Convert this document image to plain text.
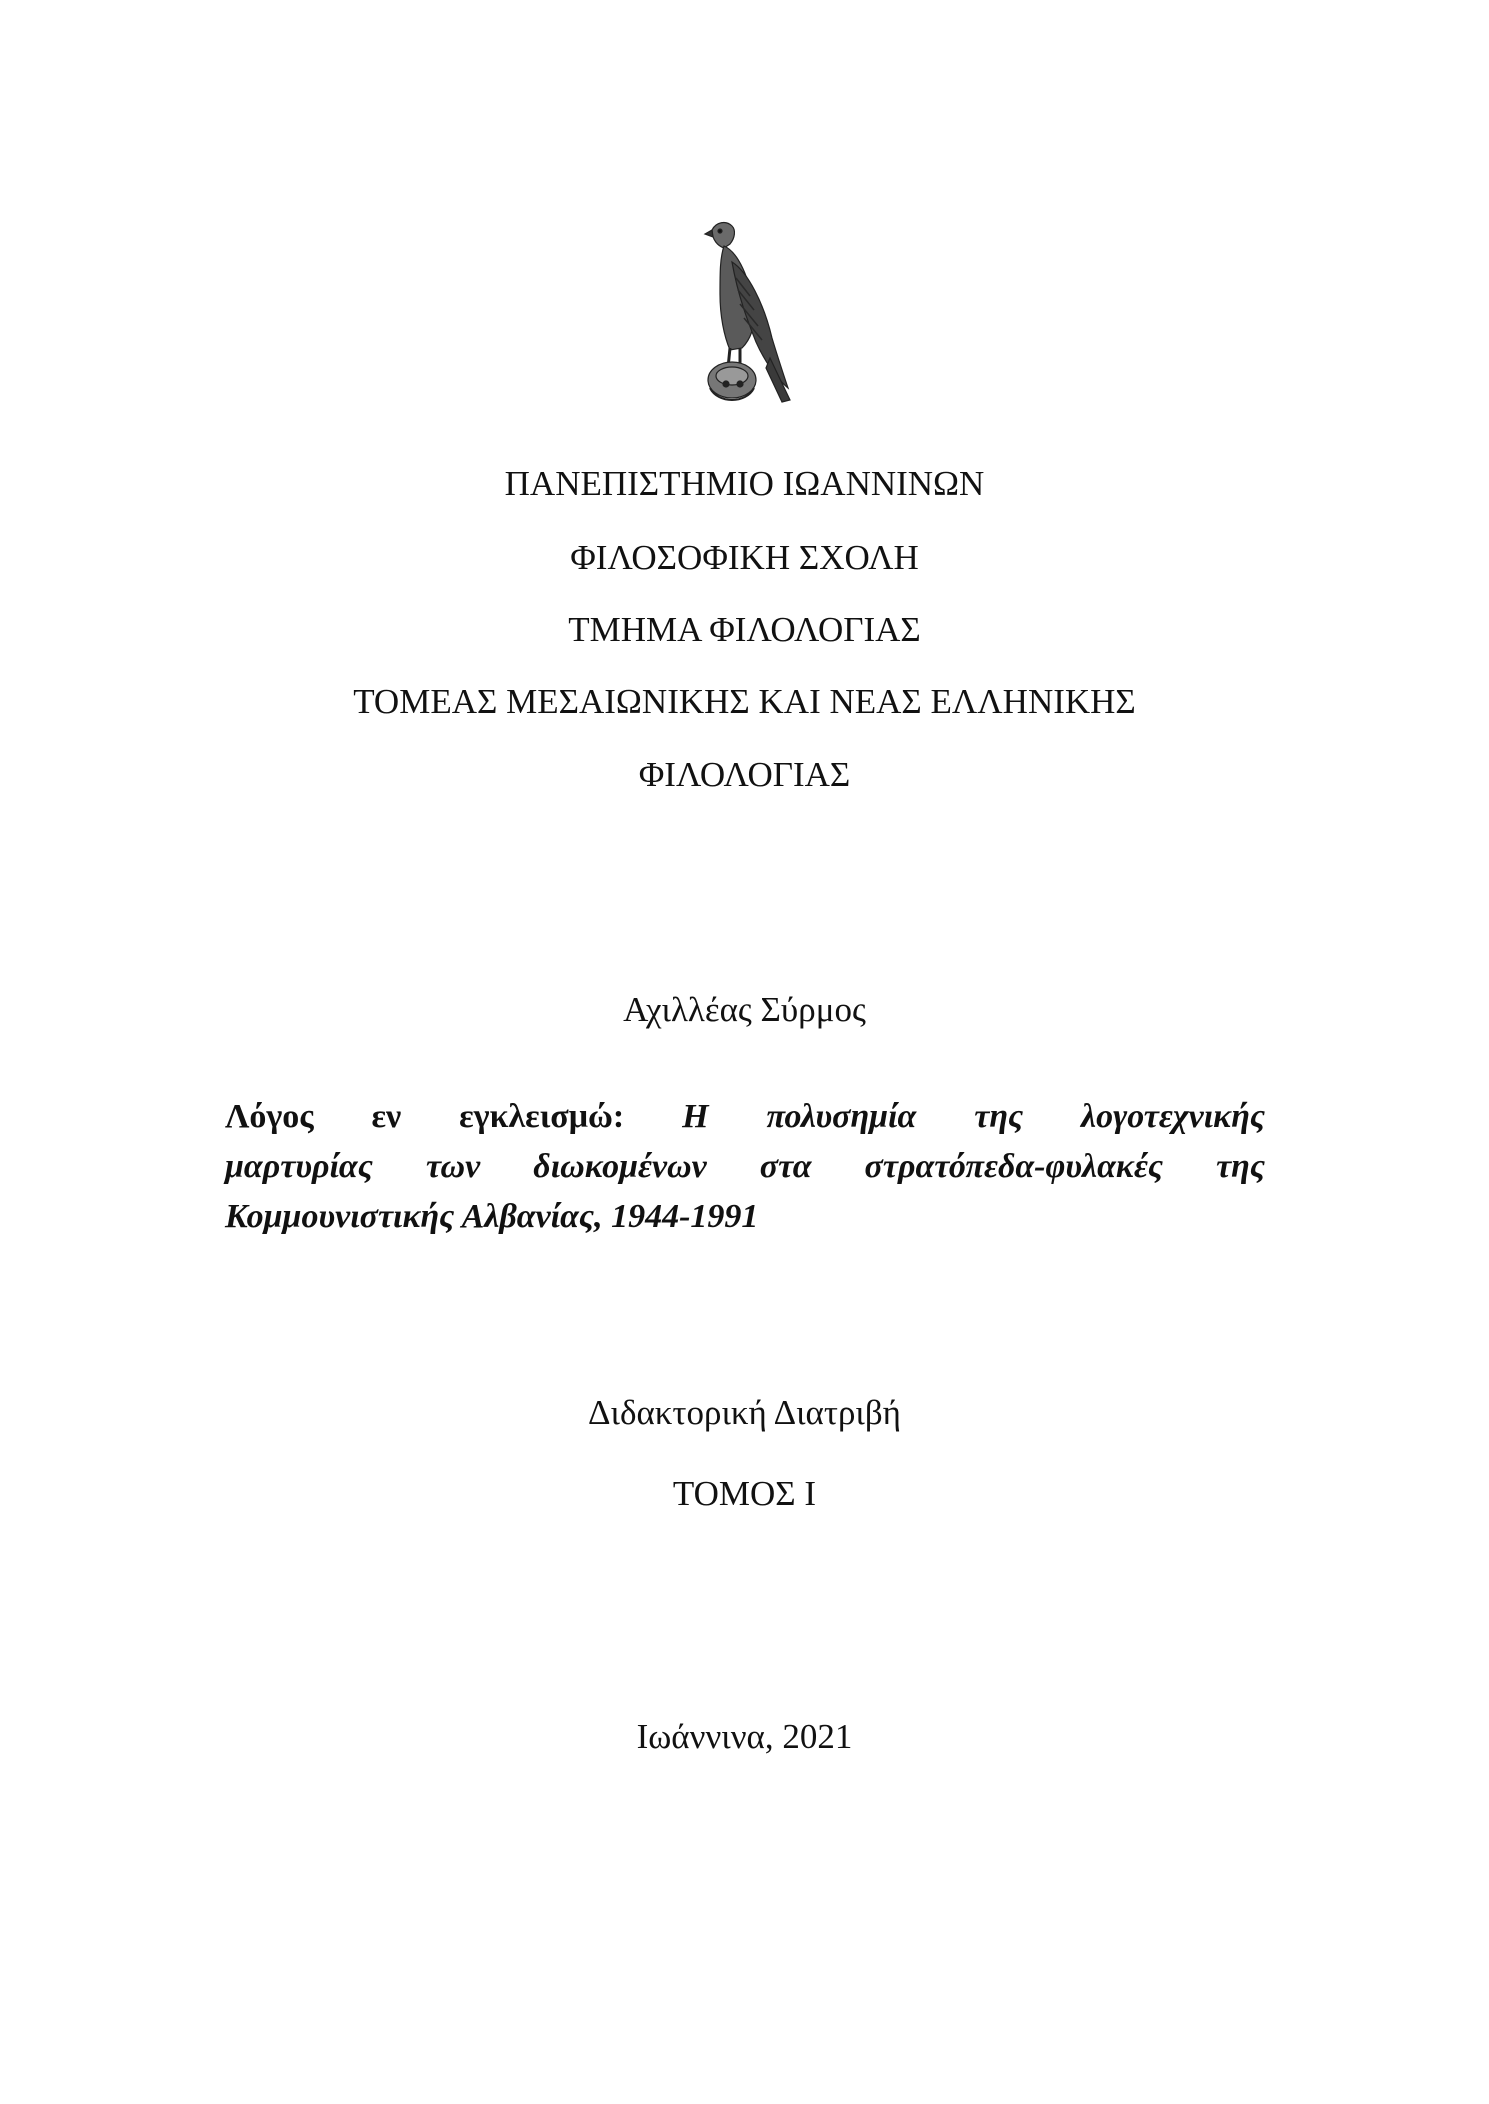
ΠΑΝΕΠΙΣΤΗΜΙΟ ΙΩΑΝΝΙΝΩΝ
ΦΙΛΟΣΟΦΙΚΗ ΣΧΟΛΗ
ΤΜΗΜΑ ΦΙΛΟΛΟΓΙΑΣ
ΤΟΜΕΑΣ ΜΕΣΑΙΩΝΙΚΗΣ ΚΑΙ ΝΕΑΣ ΕΛΛΗΝΙΚΗΣ
ΦΙΛΟΛΟΓΙΑΣ
Αχιλλέας Σύρμος
Λόγος εν εγκλεισμώ: Η πολυσημία της λογοτεχνικής
μαρτυρίας των διωκομένων στα στρατόπεδα-φυλακές της
Κομμουνιστικής Αλβανίας, 1944-1991
Διδακτορική Διατριβή
ΤΟΜΟΣ Ι
Ιωάννινα, 2021
